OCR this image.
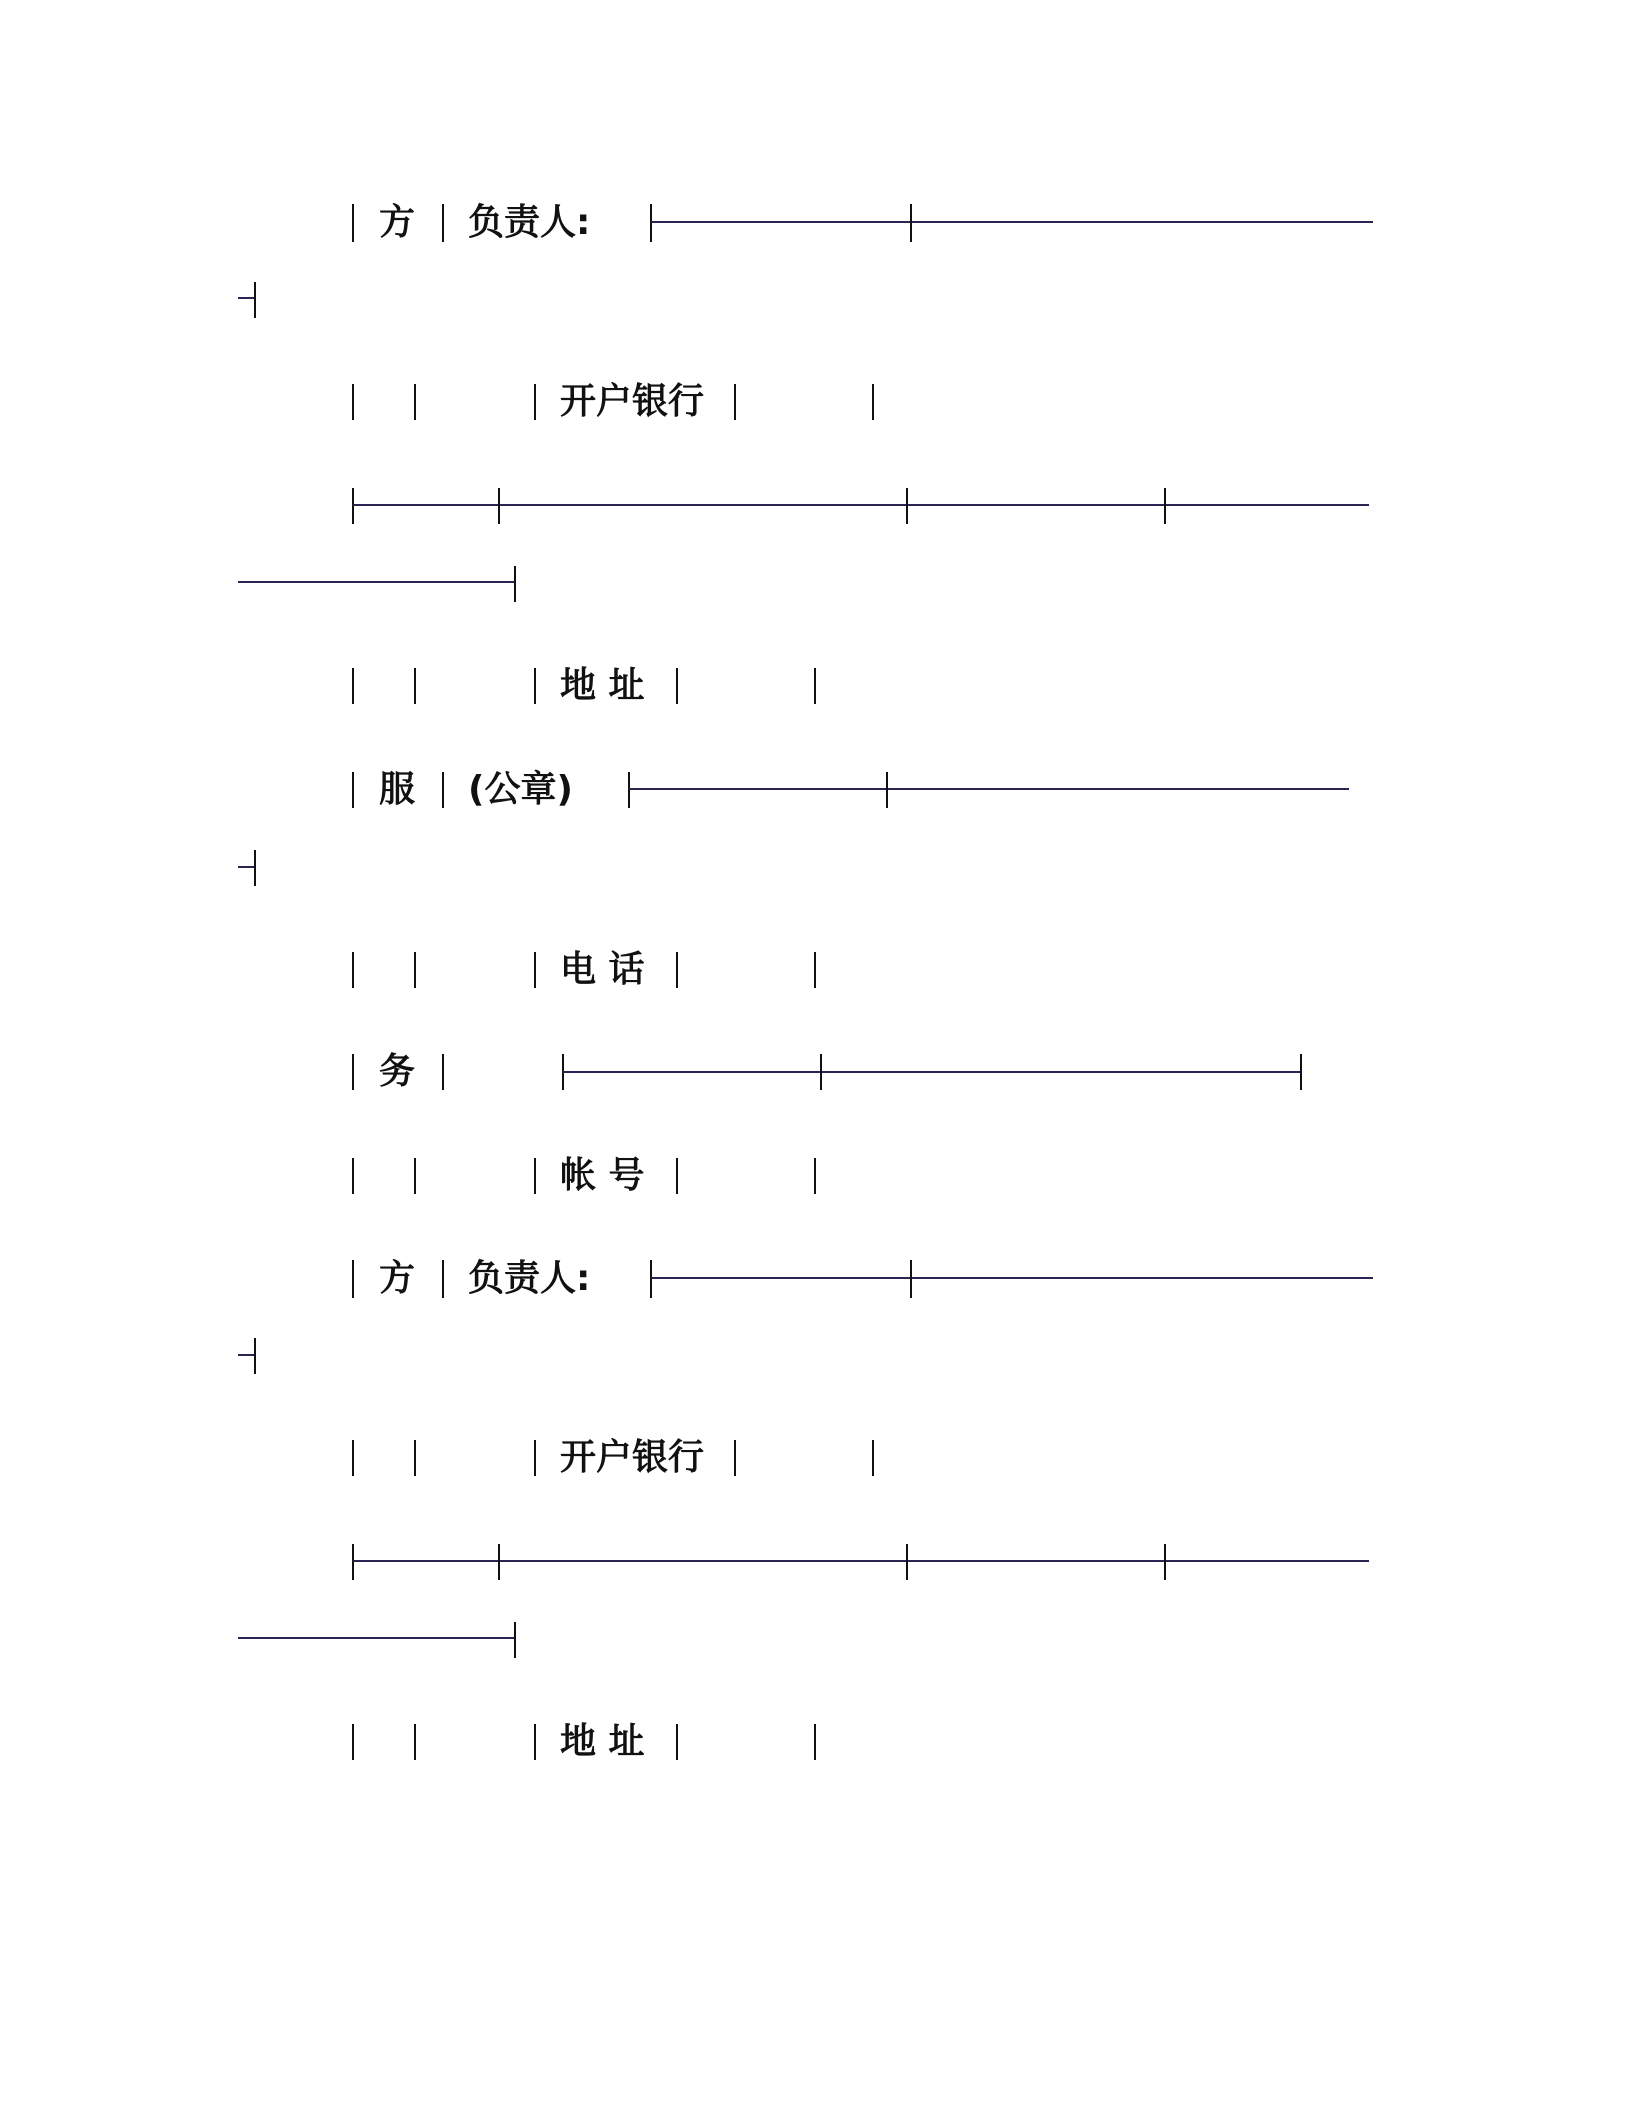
方 负责人:
开户银行
地 址
服 (公章)
电 话
务
帐 号
方 负责人:
开户银行
地 址
